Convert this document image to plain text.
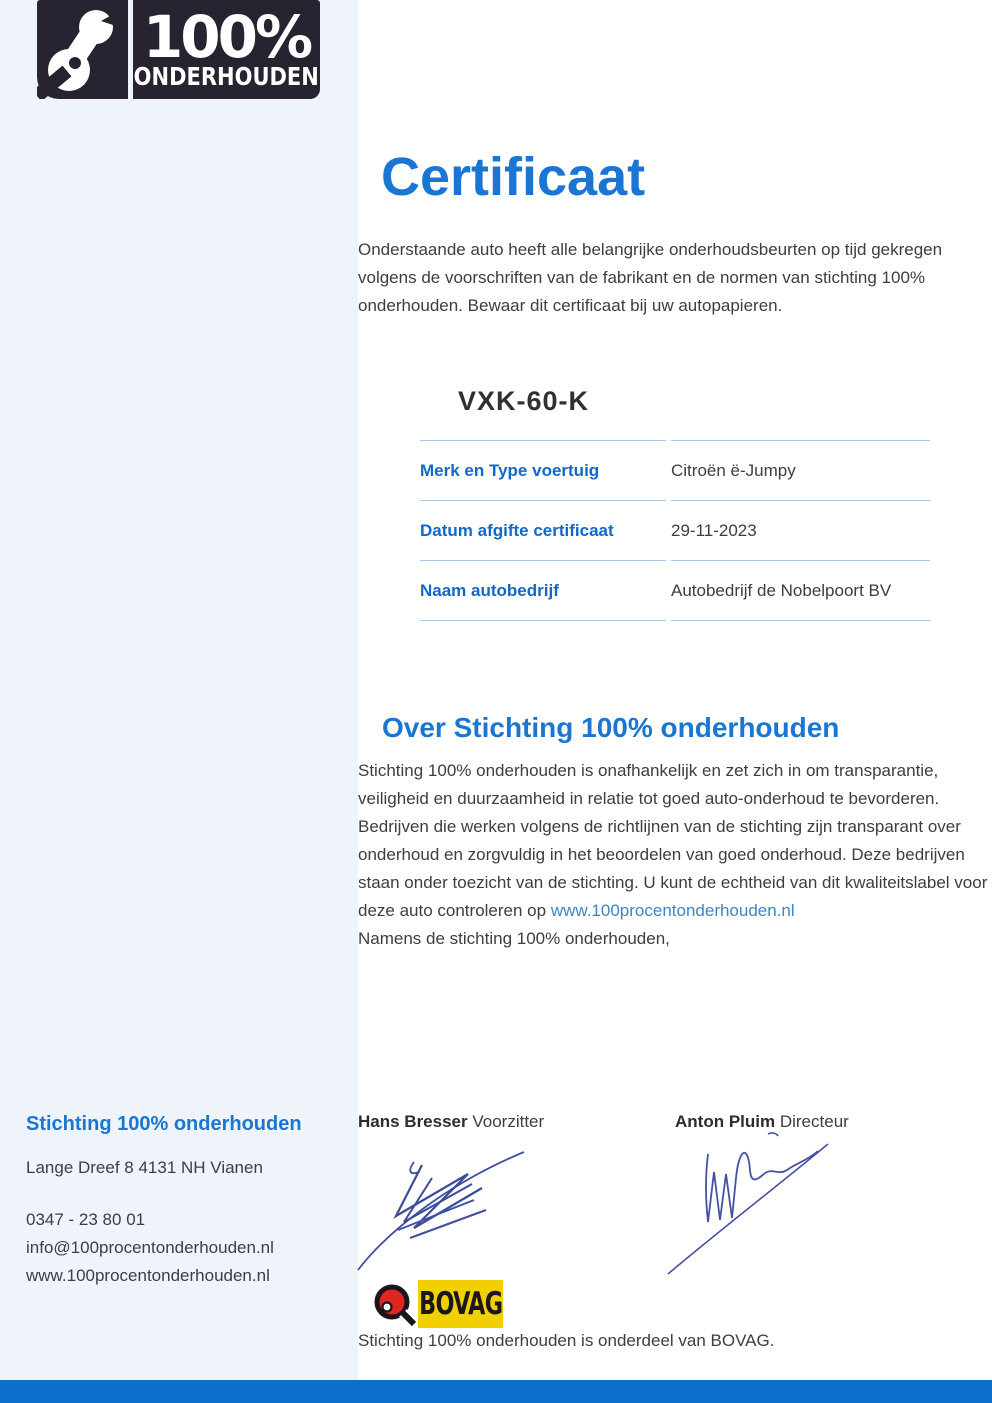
100%
ONDERHOUDEN
Certificaat

Onderstaande auto heeft alle belangrijke onderhoudsbeurten op tijd gekregen volgens de voorschriften van de fabrikant en de normen van stichting 100% onderhouden. Bewaar dit certificaat bij uw autopapieren.

VXK-60-K
Merk en Type voertuig	Citroën ë-Jumpy
Datum afgifte certificaat	29-11-2023
Naam autobedrijf	Autobedrijf de Nobelpoort BV
Over Stichting 100% onderhouden
Stichting 100% onderhouden is onafhankelijk en zet zich in om transparantie, veiligheid en duurzaamheid in relatie tot goed auto-onderhoud te bevorderen. Bedrijven die werken volgens de richtlijnen van de stichting zijn transparant over onderhoud en zorgvuldig in het beoordelen van goed onderhoud. Deze bedrijven staan onder toezicht van de stichting. U kunt de echtheid van dit kwaliteitslabel voor deze auto controleren op www.100procentonderhouden.nl
Namens de stichting 100% onderhouden,
Stichting 100% onderhouden
Lange Dreef 8 4131 NH Vianen
0347 - 23 80 01
info@100procentonderhouden.nl
www.100procentonderhouden.nl
Hans Bresser Voorzitter	Anton Pluim Directeur
BOVAG
Stichting 100% onderhouden is onderdeel van BOVAG.
